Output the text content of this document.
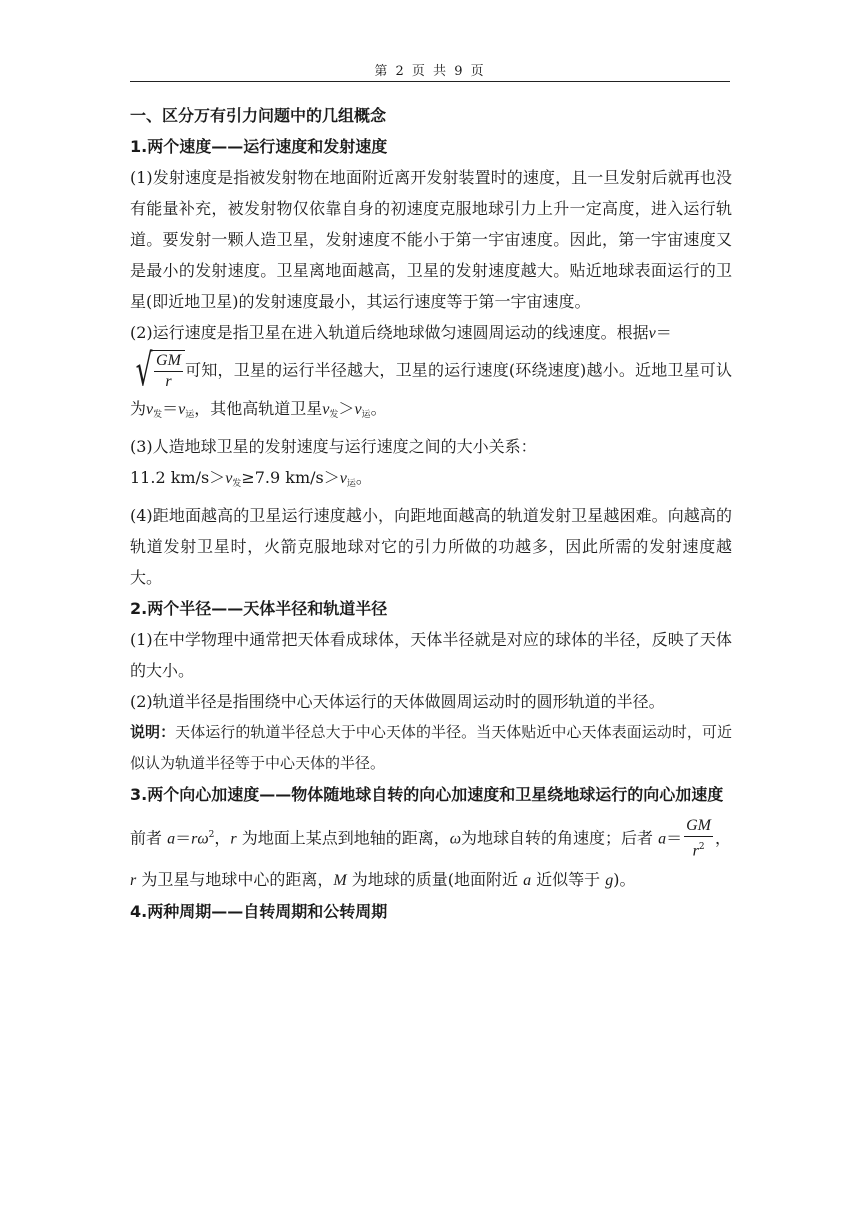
第 2 页 共 9 页

一、区分万有引力问题中的几组概念

1.两个速度——运行速度和发射速度

(1)发射速度是指被发射物在地面附近离开发射装置时的速度，且一旦发射后就再也没有能量补充，被发射物仅依靠自身的初速度克服地球引力上升一定高度，进入运行轨道。要发射一颗人造卫星，发射速度不能小于第一宇宙速度。因此，第一宇宙速度又是最小的发射速度。卫星离地面越高，卫星的发射速度越大。贴近地球表面运行的卫星(即近地卫星)的发射速度最小，其运行速度等于第一宇宙速度。

(2)运行速度是指卫星在进入轨道后绕地球做匀速圆周运动的线速度。根据v＝

√ $\frac{GM}{r}$ 可知，卫星的运行半径越大，卫星的运行速度(环绕速度)越小。近地卫星可认为$v_发=v_运$，其他高轨道卫星$v_发>v_运$。

(3)人造地球卫星的发射速度与运行速度之间的大小关系：

11.2 $km/s>v_发\ge 7.9$ $km/s>v_运$。

(4)距地面越高的卫星运行速度越小，向距地面越高的轨道发射卫星越困难。向越高的轨道发射卫星时，火箭克服地球对它的引力所做的功越多，因此所需的发射速度越大。

2.两个半径——天体半径和轨道半径

(1)在中学物理中通常把天体看成球体，天体半径就是对应的球体的半径，反映了天体的大小。

(2)轨道半径是指围绕中心天体运行的天体做圆周运动时的圆形轨道的半径。

说明：天体运行的轨道半径总大于中心天体的半径。当天体贴近中心天体表面运动时，可近似认为轨道半径等于中心天体的半径。

3.两个向心加速度——物体随地球自转的向心加速度和卫星绕地球运行的向心加速度

前者 $a=r\omega^2$，r 为地面上某点到地轴的距离，ω为地球自转的角速度；后者 $a= \frac{GM}{r^2}$ ，

r 为卫星与地球中心的距离，M 为地球的质量(地面附近 a 近似等于 g)。

4.两种周期——自转周期和公转周期
